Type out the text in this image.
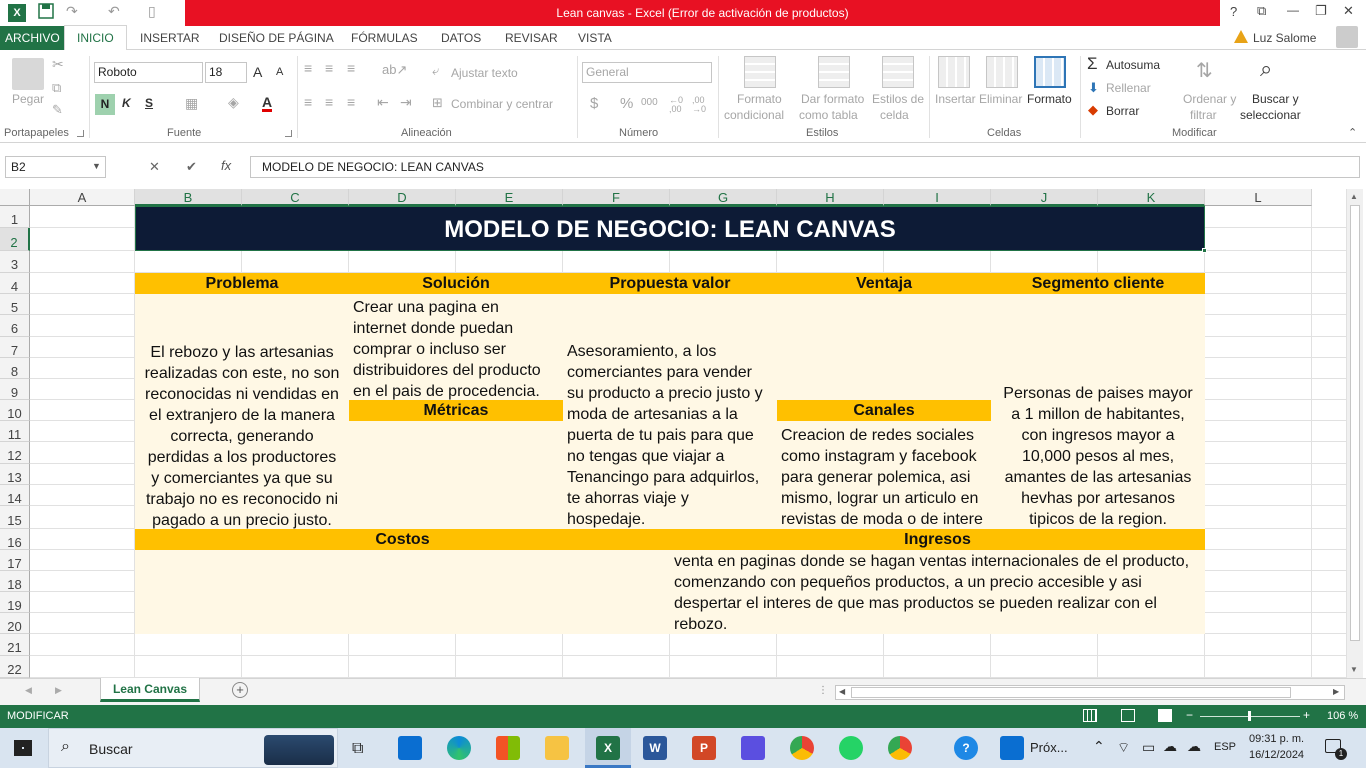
X	↷ ↶ ▯	Lean canvas - Excel (Error de activación de productos)	? ⧉ — ❐ ✕
ARCHIVO	INICIO	INSERTAR DISEÑO DE PÁGINA FÓRMULAS DATOS REVISAR VISTA	Luz Salome
Pegar
✂
⧉
✎
Portapapeles
Roboto	18	A A
N	K S ▦ ◈ A
Fuente
≡ ≡ ≡ ab↗
≡ ≡ ≡ ⇤ ⇥
⤶ Ajustar texto
⊞ Combinar y centrar
Alineación
General
$ % 000 ←0 ,00
,00 →0
Número
Formato
condicional
Dar formato
como tabla
Estilos de
celda
Estilos
Insertar Eliminar Formato
Celdas
Σ Autosuma
⬇ Rellenar
◆ Borrar
⇅
Ordenar y
filtrar
⌕
Buscar y
seleccionar
Modificar	⌃
B2	▼	✕ ✔ fx	MODELO DE NEGOCIO: LEAN CANVAS
A	B	C	D	E	F	G	H	I	J	K	L
1
2
3
4
5
6
7
8
9
10
11
12
13
14
15
16
17
18
19
20
21
22
MODELO DE NEGOCIO: LEAN CANVAS
Problema	Solución	Propuesta valor	Ventaja	Segmento cliente
Métricas	Canales
Costos	Ingresos
El rebozo y las artesanias
realizadas con este, no son
reconocidas ni vendidas en
el extranjero de la manera
correcta, generando
perdidas a los productores
y comerciantes ya que su
trabajo no es reconocido ni
pagado a un precio justo.
Crear una pagina en
internet donde puedan
comprar o incluso ser
distribuidores del producto
en el pais de procedencia.
Asesoramiento, a los
comerciantes para vender
su producto a precio justo y
moda de artesanias a la
puerta de tu pais para que
no tengas que viajar a
Tenancingo para adquirlos,
te ahorras viaje y
hospedaje.
Creacion de redes sociales
como instagram y facebook
para generar polemica, asi
mismo, lograr un articulo en
revistas de moda o de intere
Personas de paises mayor
a 1 millon de habitantes,
con ingresos mayor a
10,000 pesos al mes,
amantes de las artesanias
hevhas por artesanos
tipicos de la region.
venta en paginas donde se hagan ventas internacionales de el producto,
comenzando con pequeños productos, a un precio accesible y asi
despertar el interes de que mas productos se pueden realizar con el
rebozo.
▲
▼
◀	▶	Lean Canvas	+	⋮ ◀	▶
MODIFICAR	−	+ 106 %
⌕ Buscar	⧉	X	W	P	?	Próx... ⌃ ⌔ ▭ ☁ ☁ ESP
09:31 p. m.
16/12/2024	1
